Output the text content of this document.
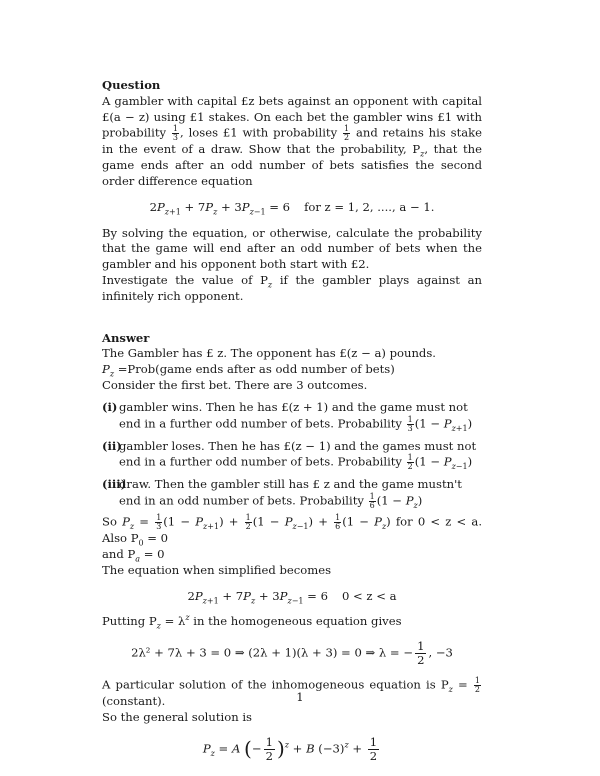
Question

A gambler with capital £z bets against an opponent with capital £(a − z) using £1 stakes. On each bet the gambler wins £1 with probability $\frac{1}{3}$ , loses £1 with probability $\frac{1}{2}$ and retains his stake in the event of a draw. Show that the probability, $P_z$, that the game ends after an odd number of bets satisfies the second order difference equation

$2P_{z+1} + 7P_z + 3P_{z-1} = 6$ for z = 1, 2, ...., a − 1.

By solving the equation, or otherwise, calculate the probability that the game will end after an odd number of bets when the gambler and his opponent both start with £2.

Investigate the value of $P_z$ if the gambler plays against an infinitely rich opponent.

Answer

The Gambler has £ z. The opponent has £(z − a) pounds.

$P_z$ =Prob(game ends after as odd number of bets)

Consider the first bet. There are 3 outcomes.

(i) gambler wins. Then he has £(z + 1) and the game must not end in a further odd number of bets. Probability $\frac{1}{3} (1 - P_{z+1})$
(ii)
gambler loses. Then he has £(z − 1) and the games must not end in a further odd number of bets. Probability $\frac{1}{2} (1 - P_{z-1})$
(iii)
draw. Then the gambler still has £ z and the game mustn't end in an odd number of bets. Probability $\frac{1}{6} (1 - P_z)$

So $P_z = \frac{1}{3} (1 - P_{z+1}) + \frac{1}{2} (1 - P_{z-1}) + \frac{1}{6} (1 - P_z)$ for 0 < z < a. Also $P_0 = 0$

and $P_a = 0$

The equation when simplified becomes

$2P_{z+1} + 7P_z + 3P_{z-1} = 6$ 0 < z < a

Putting $P_z = \lambda^z$ in the homogeneous equation gives

2λ² + 7λ + 3 = 0 ⇒ (2λ + 1)(λ + 3) = 0 ⇒ λ = − $\frac{1}{2}$ , −3

A particular solution of the inhomogeneous equation is $P_z = \frac{1}{2}$
(constant).

So the general solution is

$P_z = A$ (− $\frac{1}{2} )^z + B$ $(-3)^z + \frac{1}{2}$
1
